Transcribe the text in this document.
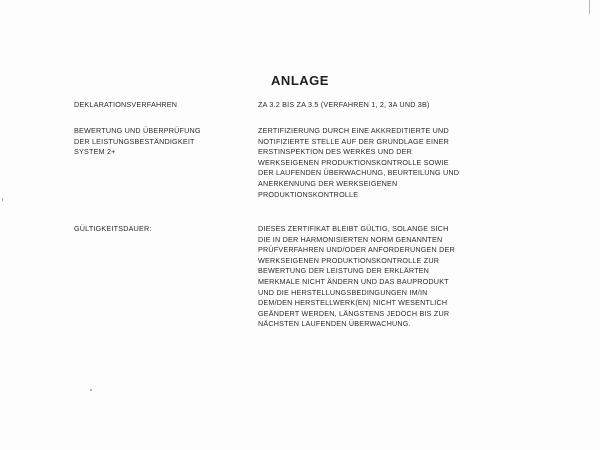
ANLAGE
DEKLARATIONSVERFAHREN	ZA 3.2 BIS ZA 3.5 (VERFAHREN 1, 2, 3A UND 3B)
BEWERTUNG UND ÜBERPRÜFUNG
DER LEISTUNGSBESTÄNDIGKEIT
SYSTEM 2+
ZERTIFIZIERUNG DURCH EINE AKKREDITIERTE UND
NOTIFIZIERTE STELLE AUF DER GRUNDLAGE EINER
ERSTINSPEKTION DES WERKES UND DER
WERKSEIGENEN PRODUKTIONSKONTROLLE SOWIE
DER LAUFENDEN ÜBERWACHUNG, BEURTEILUNG UND
ANERKENNUNG DER WERKSEIGENEN
PRODUKTIONSKONTROLLE
GÜLTIGKEITSDAUER:	DIESES ZERTIFIKAT BLEIBT GÜLTIG, SOLANGE SICH
DIE IN DER HARMONISIERTEN NORM GENANNTEN
PRÜFVERFAHREN UND/ODER ANFORDERUNGEN DER
WERKSEIGENEN PRODUKTIONSKONTROLLE ZUR
BEWERTUNG DER LEISTUNG DER ERKLÄRTEN
MERKMALE NICHT ÄNDERN UND DAS BAUPRODUKT
UND DIE HERSTELLUNGSBEDINGUNGEN IM/IN
DEM/DEN HERSTELLWERK(EN) NICHT WESENTLICH
GEÄNDERT WERDEN, LÄNGSTENS JEDOCH BIS ZUR
NÄCHSTEN LAUFENDEN ÜBERWACHUNG.
